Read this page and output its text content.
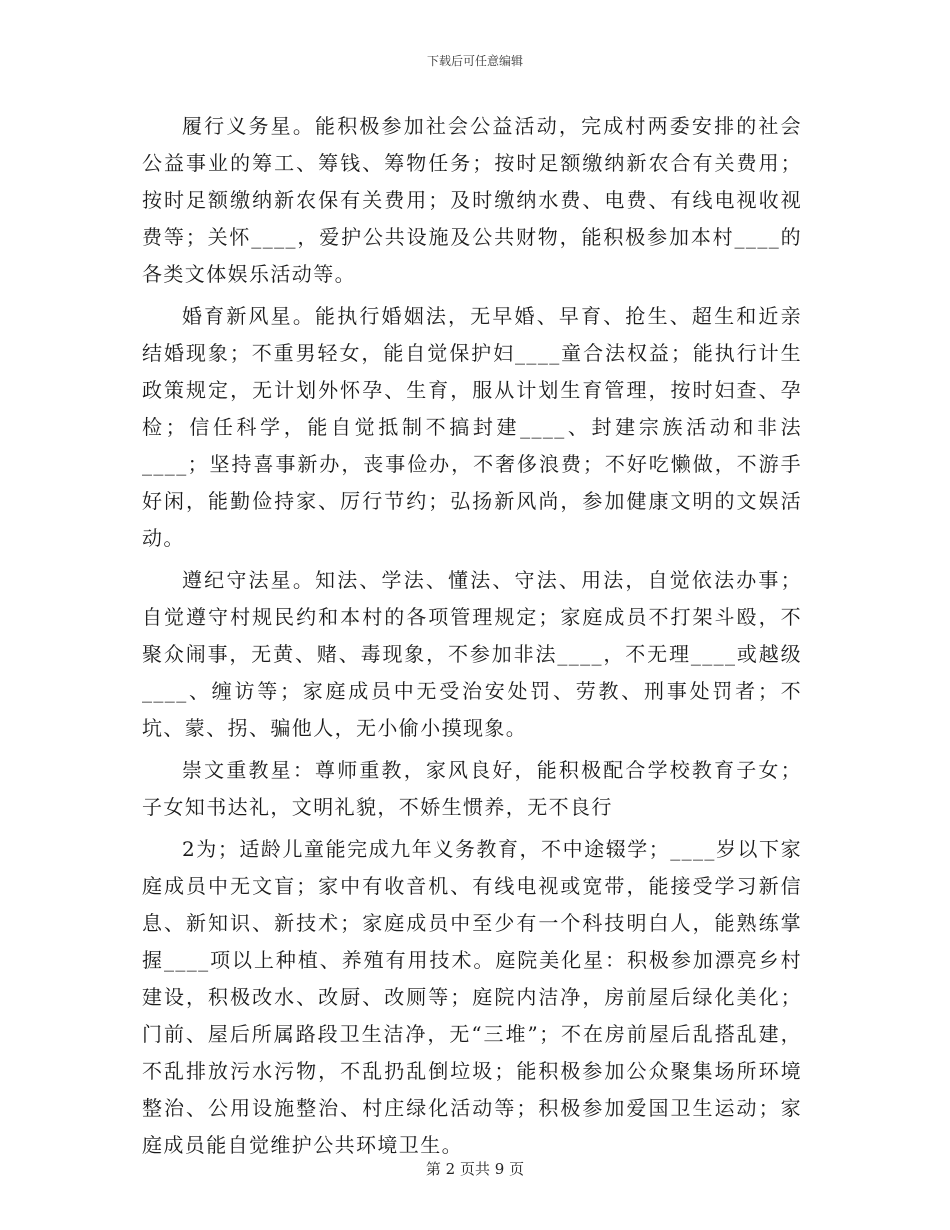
下载后可任意编辑

履行义务星。能积极参加社会公益活动，完成村两委安排的社会公益事业的筹工、筹钱、筹物任务；按时足额缴纳新农合有关费用；按时足额缴纳新农保有关费用；及时缴纳水费、电费、有线电视收视费等；关怀____，爱护公共设施及公共财物，能积极参加本村____的各类文体娱乐活动等。

婚育新风星。能执行婚姻法，无早婚、早育、抢生、超生和近亲结婚现象；不重男轻女，能自觉保护妇____童合法权益；能执行计生政策规定，无计划外怀孕、生育，服从计划生育管理，按时妇查、孕检；信任科学，能自觉抵制不搞封建____、封建宗族活动和非法____；坚持喜事新办，丧事俭办，不奢侈浪费；不好吃懒做，不游手好闲，能勤俭持家、厉行节约；弘扬新风尚，参加健康文明的文娱活动。

遵纪守法星。知法、学法、懂法、守法、用法，自觉依法办事；自觉遵守村规民约和本村的各项管理规定；家庭成员不打架斗殴，不聚众闹事，无黄、赌、毒现象，不参加非法____，不无理____或越级____、缠访等；家庭成员中无受治安处罚、劳教、刑事处罚者；不坑、蒙、拐、骗他人，无小偷小摸现象。

崇文重教星：尊师重教，家风良好，能积极配合学校教育子女；子女知书达礼，文明礼貌，不娇生惯养，无不良行

2为；适龄儿童能完成九年义务教育，不中途辍学；____岁以下家庭成员中无文盲；家中有收音机、有线电视或宽带，能接受学习新信息、新知识、新技术；家庭成员中至少有一个科技明白人，能熟练掌握____项以上种植、养殖有用技术。庭院美化星：积极参加漂亮乡村建设，积极改水、改厨、改厕等；庭院内洁净，房前屋后绿化美化；门前、屋后所属路段卫生洁净，无“三堆”；不在房前屋后乱搭乱建，不乱排放污水污物，不乱扔乱倒垃圾；能积极参加公众聚集场所环境整治、公用设施整治、村庄绿化活动等；积极参加爱国卫生运动；家庭成员能自觉维护公共环境卫生。

第 2 页共 9 页
